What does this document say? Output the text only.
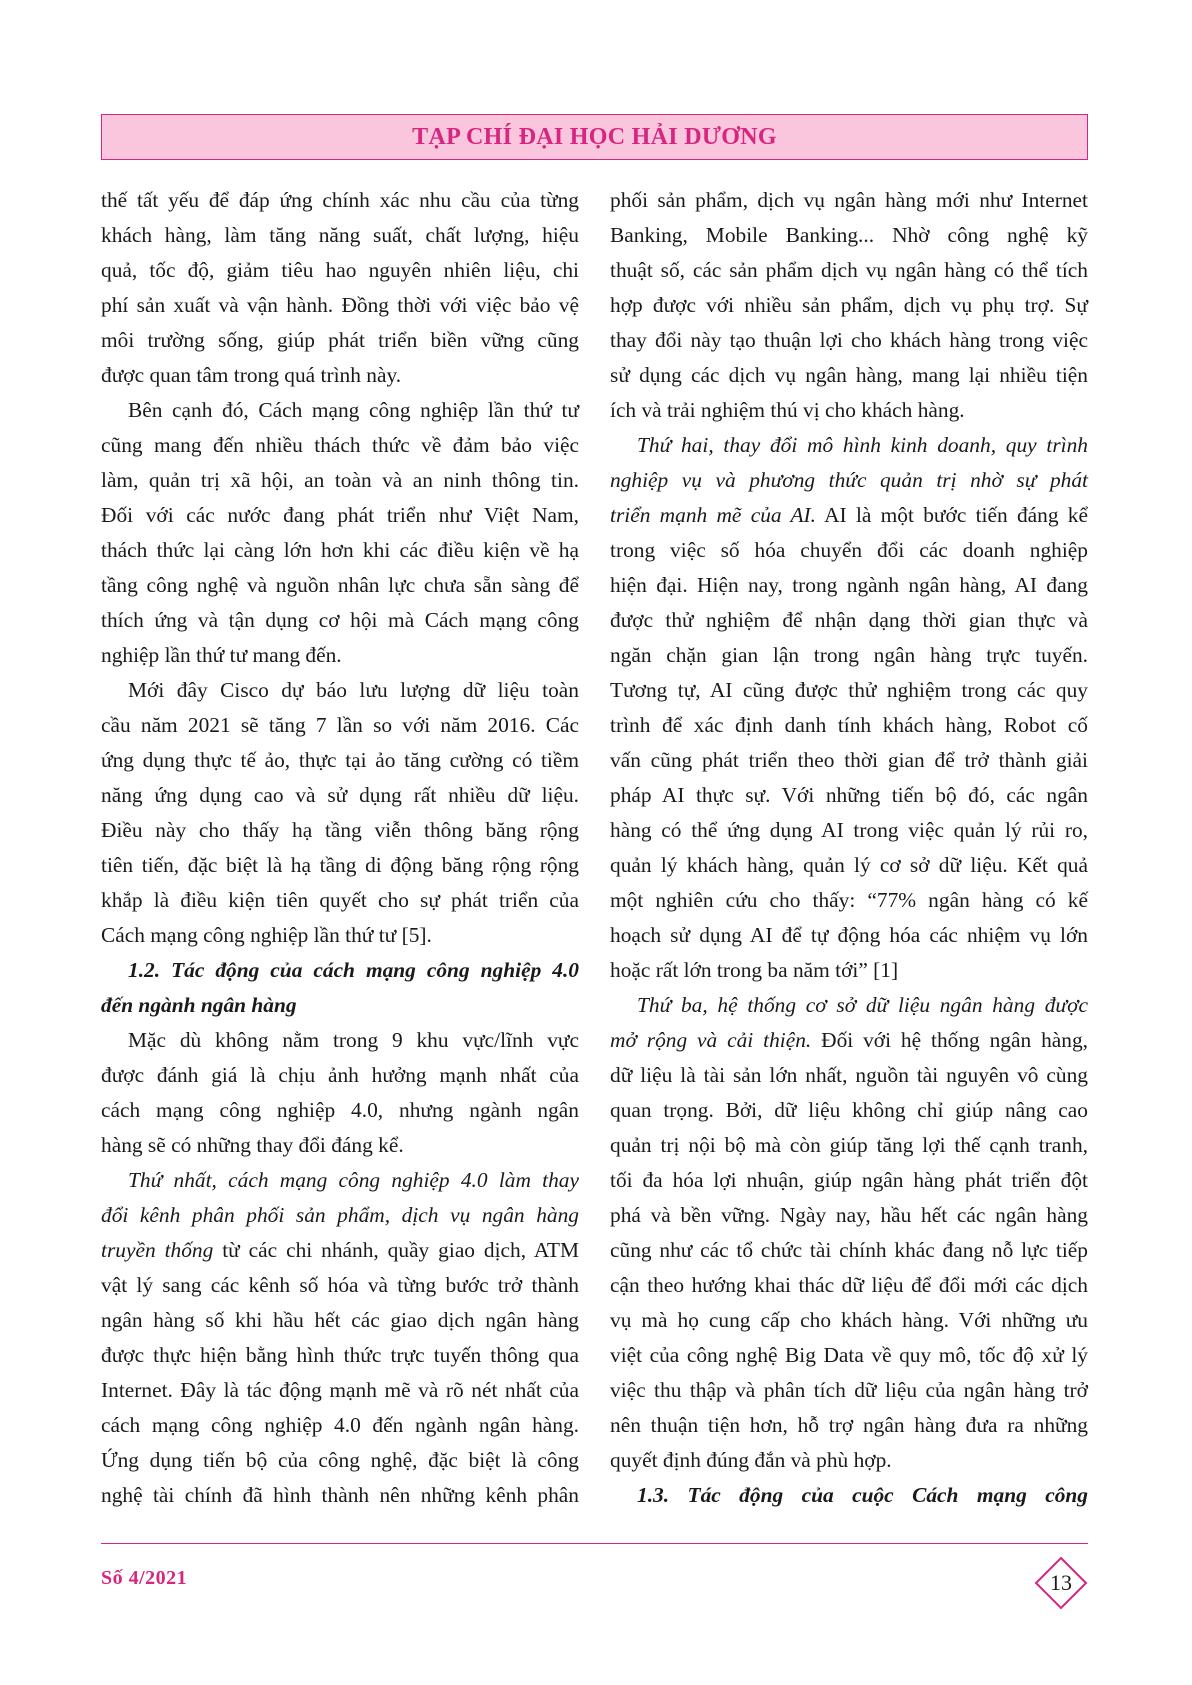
TẠP CHÍ ĐẠI HỌC HẢI DƯƠNG
thế tất yếu để đáp ứng chính xác nhu cầu của từng
khách hàng, làm tăng năng suất, chất lượng, hiệu
quả, tốc độ, giảm tiêu hao nguyên nhiên liệu, chi
phí sản xuất và vận hành. Đồng thời với việc bảo vệ
môi trường sống, giúp phát triển biền vững cũng
được quan tâm trong quá trình này.
Bên cạnh đó, Cách mạng công nghiệp lần thứ tư
cũng mang đến nhiều thách thức về đảm bảo việc
làm, quản trị xã hội, an toàn và an ninh thông tin.
Đối với các nước đang phát triển như Việt Nam,
thách thức lại càng lớn hơn khi các điều kiện về hạ
tầng công nghệ và nguồn nhân lực chưa sẵn sàng để
thích ứng và tận dụng cơ hội mà Cách mạng công
nghiệp lần thứ tư mang đến.
Mới đây Cisco dự báo lưu lượng dữ liệu toàn
cầu năm 2021 sẽ tăng 7 lần so với năm 2016. Các
ứng dụng thực tế ảo, thực tại ảo tăng cường có tiềm
năng ứng dụng cao và sử dụng rất nhiều dữ liệu.
Điều này cho thấy hạ tầng viễn thông băng rộng
tiên tiến, đặc biệt là hạ tầng di động băng rộng rộng
khắp là điều kiện tiên quyết cho sự phát triển của
Cách mạng công nghiệp lần thứ tư [5].
1.2. Tác động của cách mạng công nghiệp 4.0
đến ngành ngân hàng
Mặc dù không nằm trong 9 khu vực/lĩnh vực
được đánh giá là chịu ảnh hưởng mạnh nhất của
cách mạng công nghiệp 4.0, nhưng ngành ngân
hàng sẽ có những thay đổi đáng kể.
Thứ nhất, cách mạng công nghiệp 4.0 làm thay
đổi kênh phân phối sản phẩm, dịch vụ ngân hàng
truyền thống từ các chi nhánh, quầy giao dịch, ATM
vật lý sang các kênh số hóa và từng bước trở thành
ngân hàng số khi hầu hết các giao dịch ngân hàng
được thực hiện bằng hình thức trực tuyến thông qua
Internet. Đây là tác động mạnh mẽ và rõ nét nhất của
cách mạng công nghiệp 4.0 đến ngành ngân hàng.
Ứng dụng tiến bộ của công nghệ, đặc biệt là công
nghệ tài chính đã hình thành nên những kênh phân
phối sản phẩm, dịch vụ ngân hàng mới như Internet
Banking, Mobile Banking... Nhờ công nghệ kỹ
thuật số, các sản phẩm dịch vụ ngân hàng có thể tích
hợp được với nhiều sản phẩm, dịch vụ phụ trợ. Sự
thay đổi này tạo thuận lợi cho khách hàng trong việc
sử dụng các dịch vụ ngân hàng, mang lại nhiều tiện
ích và trải nghiệm thú vị cho khách hàng.
Thứ hai, thay đổi mô hình kinh doanh, quy trình
nghiệp vụ và phương thức quản trị nhờ sự phát
triển mạnh mẽ của AI. AI là một bước tiến đáng kể
trong việc số hóa chuyển đổi các doanh nghiệp
hiện đại. Hiện nay, trong ngành ngân hàng, AI đang
được thử nghiệm để nhận dạng thời gian thực và
ngăn chặn gian lận trong ngân hàng trực tuyến.
Tương tự, AI cũng được thử nghiệm trong các quy
trình để xác định danh tính khách hàng, Robot cố
vấn cũng phát triển theo thời gian để trở thành giải
pháp AI thực sự. Với những tiến bộ đó, các ngân
hàng có thể ứng dụng AI trong việc quản lý rủi ro,
quản lý khách hàng, quản lý cơ sở dữ liệu. Kết quả
một nghiên cứu cho thấy: “77% ngân hàng có kế
hoạch sử dụng AI để tự động hóa các nhiệm vụ lớn
hoặc rất lớn trong ba năm tới” [1]
Thứ ba, hệ thống cơ sở dữ liệu ngân hàng được
mở rộng và cải thiện. Đối với hệ thống ngân hàng,
dữ liệu là tài sản lớn nhất, nguồn tài nguyên vô cùng
quan trọng. Bởi, dữ liệu không chỉ giúp nâng cao
quản trị nội bộ mà còn giúp tăng lợi thế cạnh tranh,
tối đa hóa lợi nhuận, giúp ngân hàng phát triển đột
phá và bền vững. Ngày nay, hầu hết các ngân hàng
cũng như các tổ chức tài chính khác đang nỗ lực tiếp
cận theo hướng khai thác dữ liệu để đổi mới các dịch
vụ mà họ cung cấp cho khách hàng. Với những ưu
việt của công nghệ Big Data về quy mô, tốc độ xử lý
việc thu thập và phân tích dữ liệu của ngân hàng trở
nên thuận tiện hơn, hỗ trợ ngân hàng đưa ra những
quyết định đúng đắn và phù hợp.
1.3. Tác động của cuộc Cách mạng công
Số 4/2021	13
